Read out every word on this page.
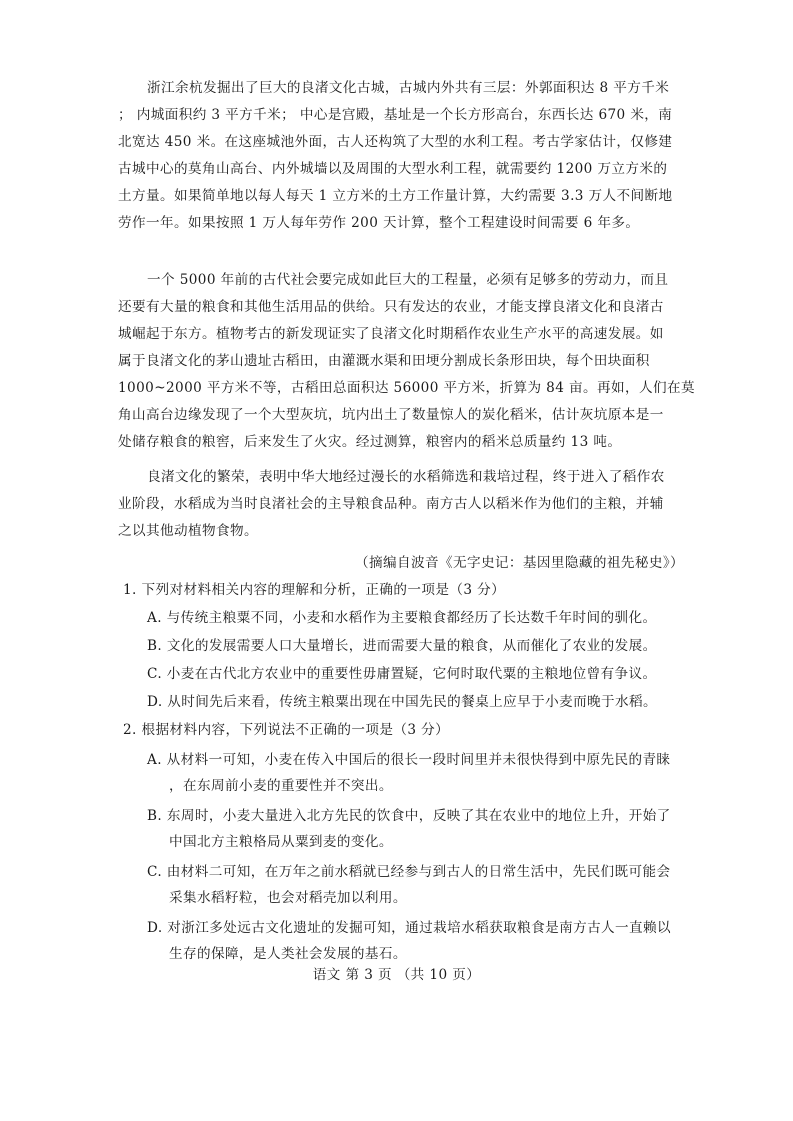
浙江余杭发掘出了巨大的良渚文化古城，古城内外共有三层：外郭面积达 8 平方千米
； 内城面积约 3 平方千米； 中心是宫殿，基址是一个长方形高台，东西长达 670 米，南
北宽达 450 米。在这座城池外面，古人还构筑了大型的水利工程。考古学家估计，仅修建
古城中心的莫角山高台、内外城墙以及周围的大型水利工程，就需要约 1200 万立方米的
土方量。如果简单地以每人每天 1 立方米的土方工作量计算，大约需要 3.3 万人不间断地
劳作一年。如果按照 1 万人每年劳作 200 天计算，整个工程建设时间需要 6 年多。
一个 5000 年前的古代社会要完成如此巨大的工程量，必须有足够多的劳动力，而且
还要有大量的粮食和其他生活用品的供给。只有发达的农业，才能支撑良渚文化和良渚古
城崛起于东方。植物考古的新发现证实了良渚文化时期稻作农业生产水平的高速发展。如
属于良渚文化的茅山遗址古稻田，由灌溉水渠和田埂分割成长条形田块，每个田块面积
1000~2000 平方米不等，古稻田总面积达 56000 平方米，折算为 84 亩。再如，人们在莫
角山高台边缘发现了一个大型灰坑，坑内出土了数量惊人的炭化稻米，估计灰坑原本是一
处储存粮食的粮窖，后来发生了火灾。经过测算，粮窖内的稻米总质量约 13 吨。
良渚文化的繁荣，表明中华大地经过漫长的水稻筛选和栽培过程，终于进入了稻作农
业阶段，水稻成为当时良渚社会的主导粮食品种。南方古人以稻米作为他们的主粮，并辅
之以其他动植物食物。
（摘编自波音《无字史记：基因里隐藏的祖先秘史》）
1. 下列对材料相关内容的理解和分析，正确的一项是（3 分）
A. 与传统主粮粟不同，小麦和水稻作为主要粮食都经历了长达数千年时间的驯化。
B. 文化的发展需要人口大量增长，进而需要大量的粮食，从而催化了农业的发展。
C. 小麦在古代北方农业中的重要性毋庸置疑，它何时取代粟的主粮地位曾有争议。
D. 从时间先后来看，传统主粮粟出现在中国先民的餐桌上应早于小麦而晚于水稻。
2. 根据材料内容，下列说法不正确的一项是（3 分）
A. 从材料一可知，小麦在传入中国后的很长一段时间里并未很快得到中原先民的青睐
，在东周前小麦的重要性并不突出。
B. 东周时，小麦大量进入北方先民的饮食中，反映了其在农业中的地位上升，开始了
中国北方主粮格局从粟到麦的变化。
C. 由材料二可知，在万年之前水稻就已经参与到古人的日常生活中，先民们既可能会
采集水稻籽粒，也会对稻壳加以利用。
D. 对浙江多处远古文化遗址的发掘可知，通过栽培水稻获取粮食是南方古人一直赖以
生存的保障，是人类社会发展的基石。
语文 第 3 页 （共 10 页）
